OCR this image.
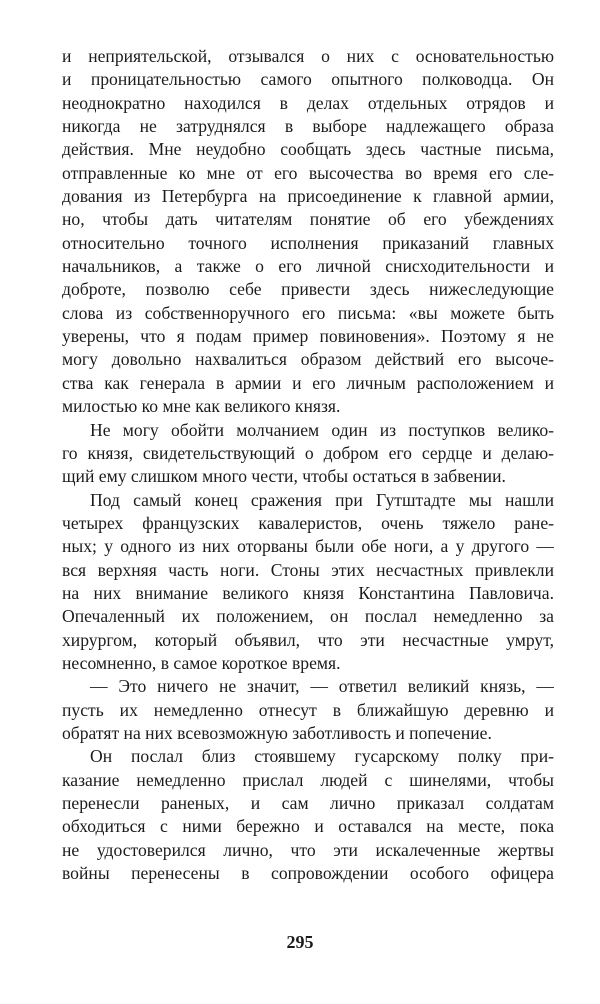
и неприятельской, отзывался о них с основательностью
и проницательностью самого опытного полководца. Он
неоднократно находился в делах отдельных отрядов и
никогда не затруднялся в выборе надлежащего образа
действия. Мне неудобно сообщать здесь частные письма,
отправленные ко мне от его высочества во время его сле-
дования из Петербурга на присоединение к главной армии,
но, чтобы дать читателям понятие об его убеждениях
относительно точного исполнения приказаний главных
начальников, а также о его личной снисходительности и
доброте, позволю себе привести здесь нижеследующие
слова из собственноручного его письма: «вы можете быть
уверены, что я подам пример повиновения». Поэтому я не
могу довольно нахвалиться образом действий его высоче-
ства как генерала в армии и его личным расположением и
милостью ко мне как великого князя.
Не могу обойти молчанием один из поступков велико-
го князя, свидетельствующий о добром его сердце и делаю-
щий ему слишком много чести, чтобы остаться в забвении.
Под самый конец сражения при Гутштадте мы нашли
четырех французских кавалеристов, очень тяжело ране-
ных; у одного из них оторваны были обе ноги, а у другого —
вся верхняя часть ноги. Стоны этих несчастных привлекли
на них внимание великого князя Константина Павловича.
Опечаленный их положением, он послал немедленно за
хирургом, который объявил, что эти несчастные умрут,
несомненно, в самое короткое время.
— Это ничего не значит, — ответил великий князь, —
пусть их немедленно отнесут в ближайшую деревню и
обратят на них всевозможную заботливость и попечение.
Он послал близ стоявшему гусарскому полку при-
казание немедленно прислал людей с шинелями, чтобы
перенесли раненых, и сам лично приказал солдатам
обходиться с ними бережно и оставался на месте, пока
не удостоверился лично, что эти искалеченные жертвы
войны перенесены в сопровождении особого офицера
295
